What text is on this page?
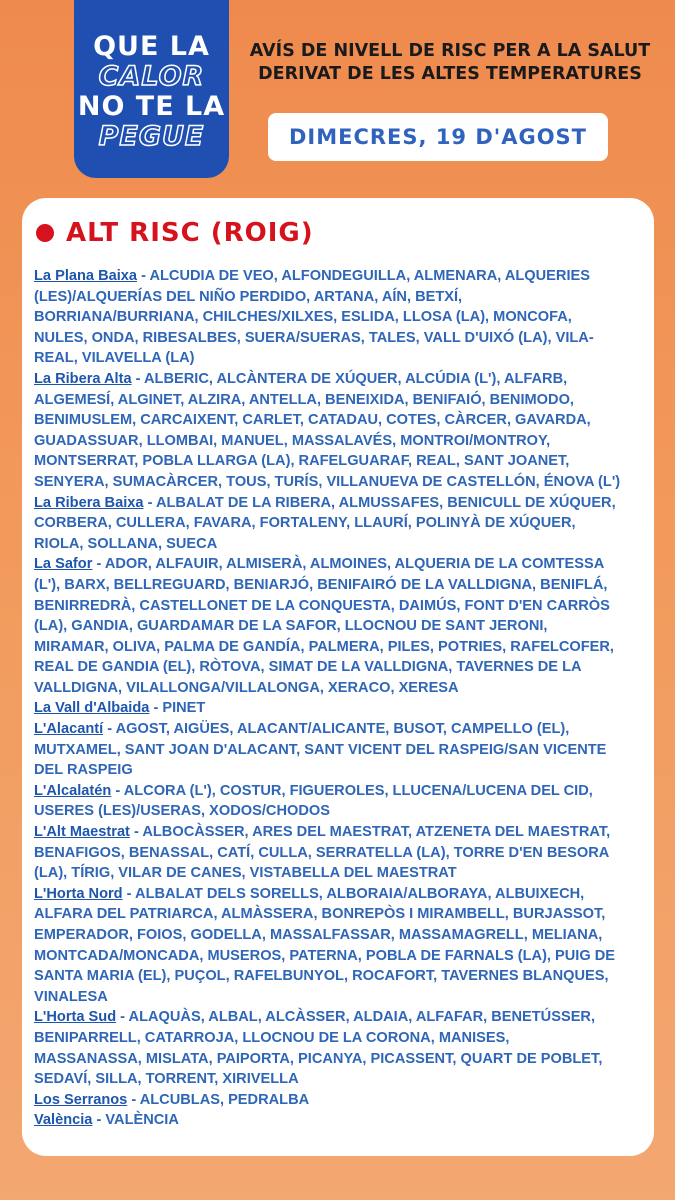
QUE LA
CALOR
NO TE LA
PEGUE
AVÍS DE NIVELL DE RISC PER A LA SALUT
DERIVAT DE LES ALTES TEMPERATURES
DIMECRES, 19 D'AGOST
ALT RISC (ROIG)
La Plana Baixa - ALCUDIA DE VEO, ALFONDEGUILLA, ALMENARA, ALQUERIES
(LES)/ALQUERÍAS DEL NIÑO PERDIDO, ARTANA, AÍN, BETXÍ,
BORRIANA/BURRIANA, CHILCHES/XILXES, ESLIDA, LLOSA (LA), MONCOFA,
NULES, ONDA, RIBESALBES, SUERA/SUERAS, TALES, VALL D'UIXÓ (LA), VILA-
REAL, VILAVELLA (LA)
La Ribera Alta - ALBERIC, ALCÀNTERA DE XÚQUER, ALCÚDIA (L'), ALFARB,
ALGEMESÍ, ALGINET, ALZIRA, ANTELLA, BENEIXIDA, BENIFAIÓ, BENIMODO,
BENIMUSLEM, CARCAIXENT, CARLET, CATADAU, COTES, CÀRCER, GAVARDA,
GUADASSUAR, LLOMBAI, MANUEL, MASSALAVÉS, MONTROI/MONTROY,
MONTSERRAT, POBLA LLARGA (LA), RAFELGUARAF, REAL, SANT JOANET,
SENYERA, SUMACÀRCER, TOUS, TURÍS, VILLANUEVA DE CASTELLÓN, ÉNOVA (L')
La Ribera Baixa - ALBALAT DE LA RIBERA, ALMUSSAFES, BENICULL DE XÚQUER,
CORBERA, CULLERA, FAVARA, FORTALENY, LLAURÍ, POLINYÀ DE XÚQUER,
RIOLA, SOLLANA, SUECA
La Safor - ADOR, ALFAUIR, ALMISERÀ, ALMOINES, ALQUERIA DE LA COMTESSA
(L'), BARX, BELLREGUARD, BENIARJÓ, BENIFAIRÓ DE LA VALLDIGNA, BENIFLÁ,
BENIRREDRÀ, CASTELLONET DE LA CONQUESTA, DAIMÚS, FONT D'EN CARRÒS
(LA), GANDIA, GUARDAMAR DE LA SAFOR, LLOCNOU DE SANT JERONI,
MIRAMAR, OLIVA, PALMA DE GANDÍA, PALMERA, PILES, POTRIES, RAFELCOFER,
REAL DE GANDIA (EL), RÒTOVA, SIMAT DE LA VALLDIGNA, TAVERNES DE LA
VALLDIGNA, VILALLONGA/VILLALONGA, XERACO, XERESA
La Vall d'Albaida - PINET
L'Alacantí - AGOST, AIGÜES, ALACANT/ALICANTE, BUSOT, CAMPELLO (EL),
MUTXAMEL, SANT JOAN D'ALACANT, SANT VICENT DEL RASPEIG/SAN VICENTE
DEL RASPEIG
L'Alcalatén - ALCORA (L'), COSTUR, FIGUEROLES, LLUCENA/LUCENA DEL CID,
USERES (LES)/USERAS, XODOS/CHODOS
L'Alt Maestrat - ALBOCÀSSER, ARES DEL MAESTRAT, ATZENETA DEL MAESTRAT,
BENAFIGOS, BENASSAL, CATÍ, CULLA, SERRATELLA (LA), TORRE D'EN BESORA
(LA), TÍRIG, VILAR DE CANES, VISTABELLA DEL MAESTRAT
L'Horta Nord - ALBALAT DELS SORELLS, ALBORAIA/ALBORAYA, ALBUIXECH,
ALFARA DEL PATRIARCA, ALMÀSSERA, BONREPÒS I MIRAMBELL, BURJASSOT,
EMPERADOR, FOIOS, GODELLA, MASSALFASSAR, MASSAMAGRELL, MELIANA,
MONTCADA/MONCADA, MUSEROS, PATERNA, POBLA DE FARNALS (LA), PUIG DE
SANTA MARIA (EL), PUÇOL, RAFELBUNYOL, ROCAFORT, TAVERNES BLANQUES,
VINALESA
L'Horta Sud - ALAQUÀS, ALBAL, ALCÀSSER, ALDAIA, ALFAFAR, BENETÚSSER,
BENIPARRELL, CATARROJA, LLOCNOU DE LA CORONA, MANISES,
MASSANASSA, MISLATA, PAIPORTA, PICANYA, PICASSENT, QUART DE POBLET,
SEDAVÍ, SILLA, TORRENT, XIRIVELLA
Los Serranos - ALCUBLAS, PEDRALBA
València - VALÈNCIA
